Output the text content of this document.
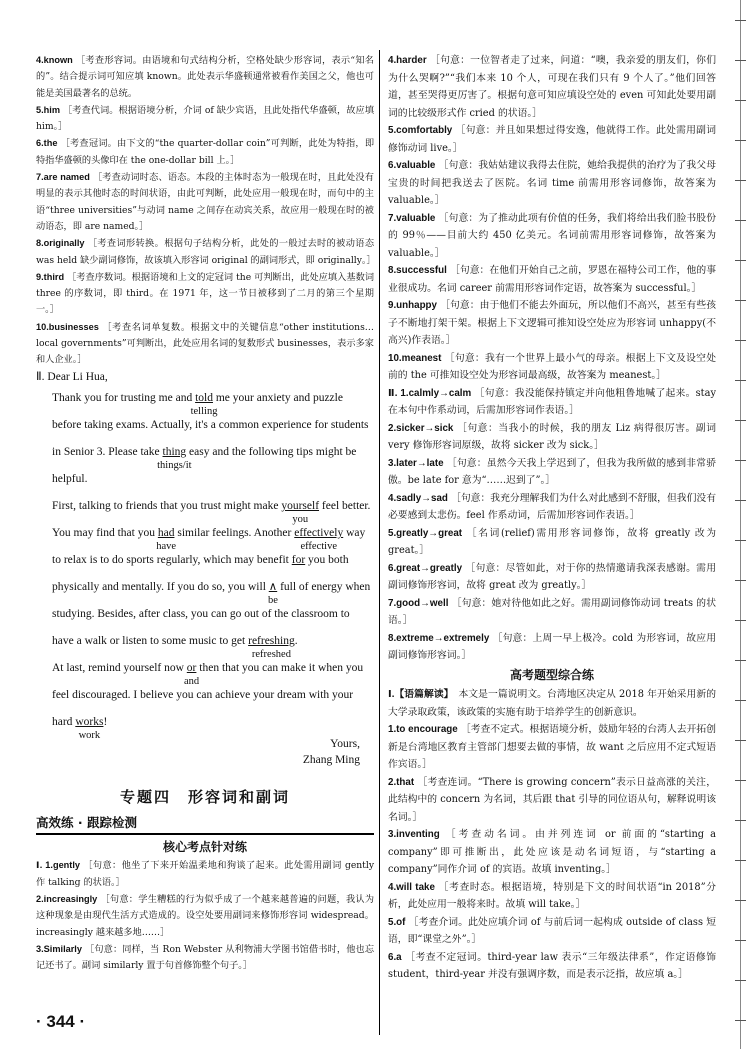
4.known ［考查形容词。由语境和句式结构分析，空格处缺少形容词，表示“知名的”。结合提示词可知应填 known。此处表示华盛顿通常被看作美国之父，他也可能是美国最著名的总统。
5.him ［考查代词。根据语境分析，介词 of 缺少宾语，且此处指代华盛顿，故应填 him。］
6.the ［考查冠词。由下文的“the quarter-dollar coin”可判断，此处为特指，即特指华盛顿的头像印在 the one-dollar bill 上。］
7.are named ［考查动词时态、语态。本段的主体时态为一般现在时，且此处没有明显的表示其他时态的时间状语，由此可判断，此处应用一般现在时，而句中的主语“three universities”与动词 name 之间存在动宾关系，故应用一般现在时的被动语态，即 are named。］
8.originally ［考查词形转换。根据句子结构分析，此处的一般过去时的被动语态 was held 缺少副词修饰，故该填入形容词 original 的副词形式，即 originally。］
9.third ［考查序数词。根据语境和上文的定冠词 the 可判断出，此处应填入基数词 three 的序数词，即 third。在 1971 年，这一节日被移到了二月的第三个星期一。］
10.businesses ［考查名词单复数。根据文中的关键信息“other institutions…local governments”可判断出，此处应用名词的复数形式 businesses，表示多家和人企业。］

Ⅱ. Dear Li Hua,

Thank you for trusting me and told
telling
me your anxiety and puzzle before taking exams. Actually, it's a common experience for students in Senior 3. Please take thing
things/it
easy and the following tips might be helpful.

First, talking to friends that you trust might make yourself
you
feel better. You may find that you had
have
similar feelings. Another effectively
effective
way to relax is to do sports regularly, which may benefit for
you both physically and mentally. If you do so, you will ∧
be
full of energy when studying. Besides, after class, you can go out of the classroom to have a walk or listen to some music to get refreshing
refreshed
.

At last, remind yourself now or
and
then that you can make it when you feel discouraged. I believe you can achieve your dream with your hard works
work
!

Yours,

Zhang Ming

专题四　形容词和副词
高效练 · 跟踪检测
核心考点针对练
Ⅰ. 1.gently ［句意：他坐了下来开始温柔地和狗谈了起来。此处需用副词 gently 作 talking 的状语。］
2.increasingly ［句意：学生糟糕的行为似乎成了一个越来越普遍的问题，我认为这种现象是由现代生活方式造成的。设空处要用副词来修饰形容词 widespread。increasingly 越来越多地……］
3.Similarly ［句意：同样，当 Ron Webster 从利物浦大学图书馆借书时，他也忘记还书了。副词 similarly 置于句首修饰整个句子。］
4.harder ［句意：一位智者走了过来，问道：“噢，我亲爱的朋友们，你们为什么哭啊?”“我们本来 10 个人，可现在我们只有 9 个人了。”他们回答道，甚至哭得更厉害了。根据句意可知应填设空处的 even 可知此处要用副词的比较级形式作 cried 的状语。］
5.comfortably ［句意：并且如果想过得安逸，他就得工作。此处需用副词修饰动词 live。］
6.valuable ［句意：我姑姑建议我得去住院，她给我提供的治疗为了我父母宝贵的时间把我送去了医院。名词 time 前需用形容词修饰，故答案为 valuable。］
7.valuable ［句意：为了推动此项有价值的任务，我们将给出我们脸书股份的 99％——目前大约 450 亿美元。名词前需用形容词修饰，故答案为 valuable。］
8.successful ［句意：在他们开始自己之前，罗恩在福特公司工作，他的事业很成功。名词 career 前需用形容词作定语，故答案为 successful。］
9.unhappy ［句意：由于他们不能去外面玩，所以他们不高兴，甚至有些孩子不断地打架干架。根据上下文逻辑可推知设空处应为形容词 unhappy(不高兴)作表语。］
10.meanest ［句意：我有一个世界上最小气的母亲。根据上下文及设空处前的 the 可推知设空处为形容词最高级，故答案为 meanest。］
Ⅱ. 1.calmly→calm ［句意：我没能保持镇定并向他粗鲁地喊了起来。stay 在本句中作系动词，后需加形容词作表语。］
2.sicker→sick ［句意：当我小的时候，我的朋友 Liz 病得很厉害。副词 very 修饰形容词原级，故将 sicker 改为 sick。］
3.later→late ［句意：虽然今天我上学迟到了，但我为我所做的感到非常骄傲。be late for 意为“……迟到了”。］
4.sadly→sad ［句意：我充分理解我们为什么对此感到不舒服，但我们没有必要感到太悲伤。feel 作系动词，后需加形容词作表语。］
5.greatly→great ［名词(relief)需用形容词修饰，故将 greatly 改为 great。］
6.great→greatly ［句意：尽管如此，对于你的热情邀请我深表感谢。需用副词修饰形容词，故将 great 改为 greatly。］
7.good→well ［句意：她对待他如此之好。需用副词修饰动词 treats 的状语。］
8.extreme→extremely ［句意：上周一早上极冷。cold 为形容词，故应用副词修饰形容词。］
高考题型综合练
Ⅰ.【语篇解读】　 本文是一篇说明文。台湾地区决定从 2018 年开始采用新的大学录取政策，该政策的实施有助于培养学生的创新意识。
1.to encourage ［考查不定式。根据语境分析，鼓励年轻的台湾人去开拓创新是台湾地区教育主管部门想要去做的事情，故 want 之后应用不定式短语作宾语。］
2.that ［考查连词。“There is growing concern”表示日益高涨的关注，此结构中的 concern 为名词，其后跟 that 引导的同位语从句，解释说明该名词。］
3.inventing ［考查动名词。由并列连词 or 前面的“starting a company”即可推断出，此处应该是动名词短语，与“starting a company”同作介词 of 的宾语。故填 inventing。］
4.will take ［考查时态。根据语境，特别是下文的时间状语“in 2018”分析，此处应用一般将来时。故填 will take。］
5.of ［考查介词。此处应填介词 of 与前后词一起构成 outside of class 短语，即“课堂之外”。］
6.a ［考查不定冠词。third-year law 表示“三年级法律系”，作定语修饰 student，third-year 并没有强调序数，而是表示泛指，故应填 a。］
· 344 ·
